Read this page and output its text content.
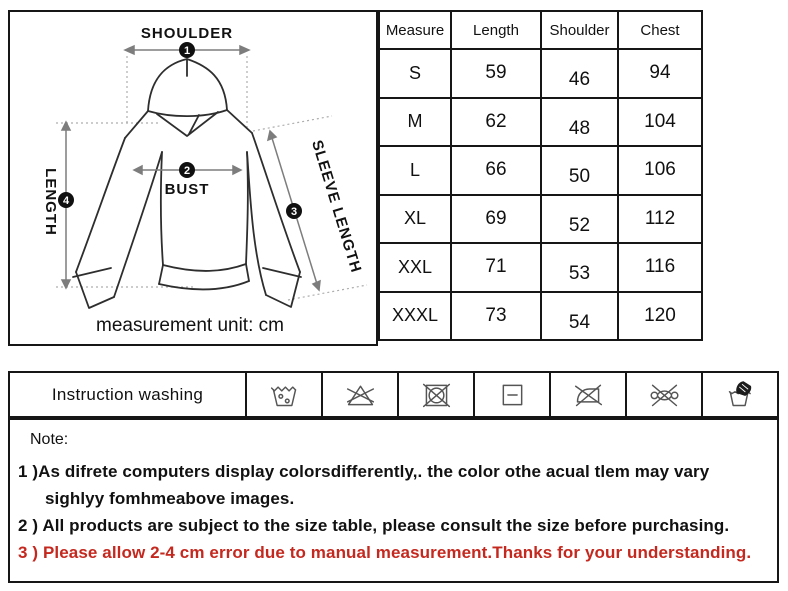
1
2
3
4
SHOULDER
BUST
LENGTH	SLEEVE LENGTH
measurement unit: cm
Measure	Length	Shoulder	Chest
S	59	46	94
M	62	48	104
L	66	50	106
XL	69	52	112
XXL	71	53	116
XXXL	73	54	120
Instruction washing
Note:
1 )As difrete computers display colorsdifferently,. the color othe acual tlem may vary
sighlyy fomhmeabove images.
2 ) All products are subject to the size table, please consult the size before purchasing.
3 ) Please allow 2-4 cm error due to manual measurement.Thanks for your understanding.
